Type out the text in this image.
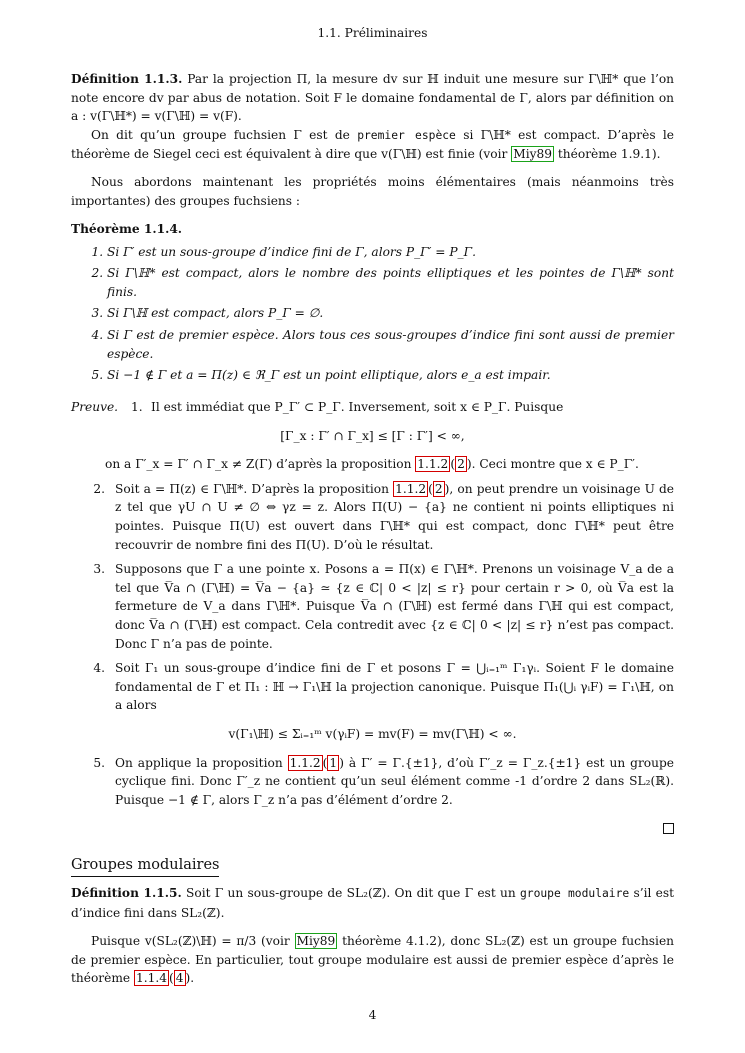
1.1. Préliminaires

Définition 1.1.3. Par la projection Π, la mesure dv sur ℍ induit une mesure sur Γ\ℍ* que l’on note encore dv par abus de notation. Soit F le domaine fondamental de Γ, alors par définition on a : v(Γ\ℍ*) = v(Γ\ℍ) = v(F).

On dit qu’un groupe fuchsien Γ est de premier espèce si Γ\ℍ* est compact. D’après le théorème de Siegel ceci est équivalent à dire que v(Γ\ℍ) est finie (voir Miy89 théorème 1.9.1).

Nous abordons maintenant les propriétés moins élémentaires (mais néanmoins très importantes) des groupes fuchsiens :

Théorème 1.1.4.

1. Si Γ′ est un sous-groupe d’indice fini de Γ, alors P_Γ′ = P_Γ.
2. Si Γ\ℍ* est compact, alors le nombre des points elliptiques et les pointes de Γ\ℍ* sont finis.
3. Si Γ\ℍ est compact, alors P_Γ = ∅.
4. Si Γ est de premier espèce. Alors tous ces sous-groupes d’indice fini sont aussi de premier espèce.
5. Si −1 ∉ Γ et a = Π(z) ∈ ℜ_Γ est un point elliptique, alors e_a est impair.
Preuve.	1. Il est immédiat que P_Γ′ ⊂ P_Γ. Inversement, soit x ∈ P_Γ. Puisque
[Γ_x : Γ′ ∩ Γ_x] ≤ [Γ : Γ′] < ∞,
on a Γ′_x = Γ′ ∩ Γ_x ≠ Z(Γ) d’après la proposition 1.1.2 ( 2 ). Ceci montre que x ∈ P_Γ′.
2. Soit a = Π(z) ∈ Γ\ℍ*. D’après la proposition 1.1.2 ( 2 ), on peut prendre un voisinage U de z tel que γU ∩ U ≠ ∅ ⇔ γz = z. Alors Π(U) − {a} ne contient ni points elliptiques ni pointes. Puisque Π(U) est ouvert dans Γ\ℍ* qui est compact, donc Γ\ℍ* peut être recouvrir de nombre fini des Π(U). D’où le résultat.
3. Supposons que Γ a une pointe x. Posons a = Π(x) ∈ Γ\ℍ*. Prenons un voisinage V_a de a tel que V̅a ∩ (Γ\ℍ) = V̅a − {a} ≃ {z ∈ ℂ| 0 < |z| ≤ r} pour certain r > 0, où V̅a est la fermeture de V_a dans Γ\ℍ*. Puisque V̅a ∩ (Γ\ℍ) est fermé dans Γ\ℍ qui est compact, donc V̅a ∩ (Γ\ℍ) est compact. Cela contredit avec {z ∈ ℂ| 0 < |z| ≤ r} n’est pas compact. Donc Γ n’a pas de pointe.
4. Soit Γ₁ un sous-groupe d’indice fini de Γ et posons Γ = ⋃ᵢ₌₁ᵐ Γ₁γᵢ. Soient F le domaine fondamental de Γ et Π₁ : ℍ → Γ₁\ℍ la projection canonique. Puisque Π₁(⋃ᵢ γᵢF) = Γ₁\ℍ, on a alors
v(Γ₁\ℍ) ≤ Σᵢ₌₁ᵐ v(γᵢF) = mv(F) = mv(Γ\ℍ) < ∞.
5. On applique la proposition 1.1.2 ( 1 ) à Γ′ = Γ.{±1}, d’où Γ′_z = Γ_z.{±1} est un groupe cyclique fini. Donc Γ′_z ne contient qu’un seul élément comme -1 d’ordre 2 dans SL₂(ℝ). Puisque −1 ∉ Γ, alors Γ_z n’a pas d’élément d’ordre 2.
Groupes modulaires

Définition 1.1.5. Soit Γ un sous-groupe de SL₂(ℤ). On dit que Γ est un groupe modulaire s’il est d’indice fini dans SL₂(ℤ).

Puisque v(SL₂(ℤ)\ℍ) = π/3 (voir Miy89 théorème 4.1.2), donc SL₂(ℤ) est un groupe fuchsien de premier espèce. En particulier, tout groupe modulaire est aussi de premier espèce d’après le théorème 1.1.4 ( 4 ).

4
